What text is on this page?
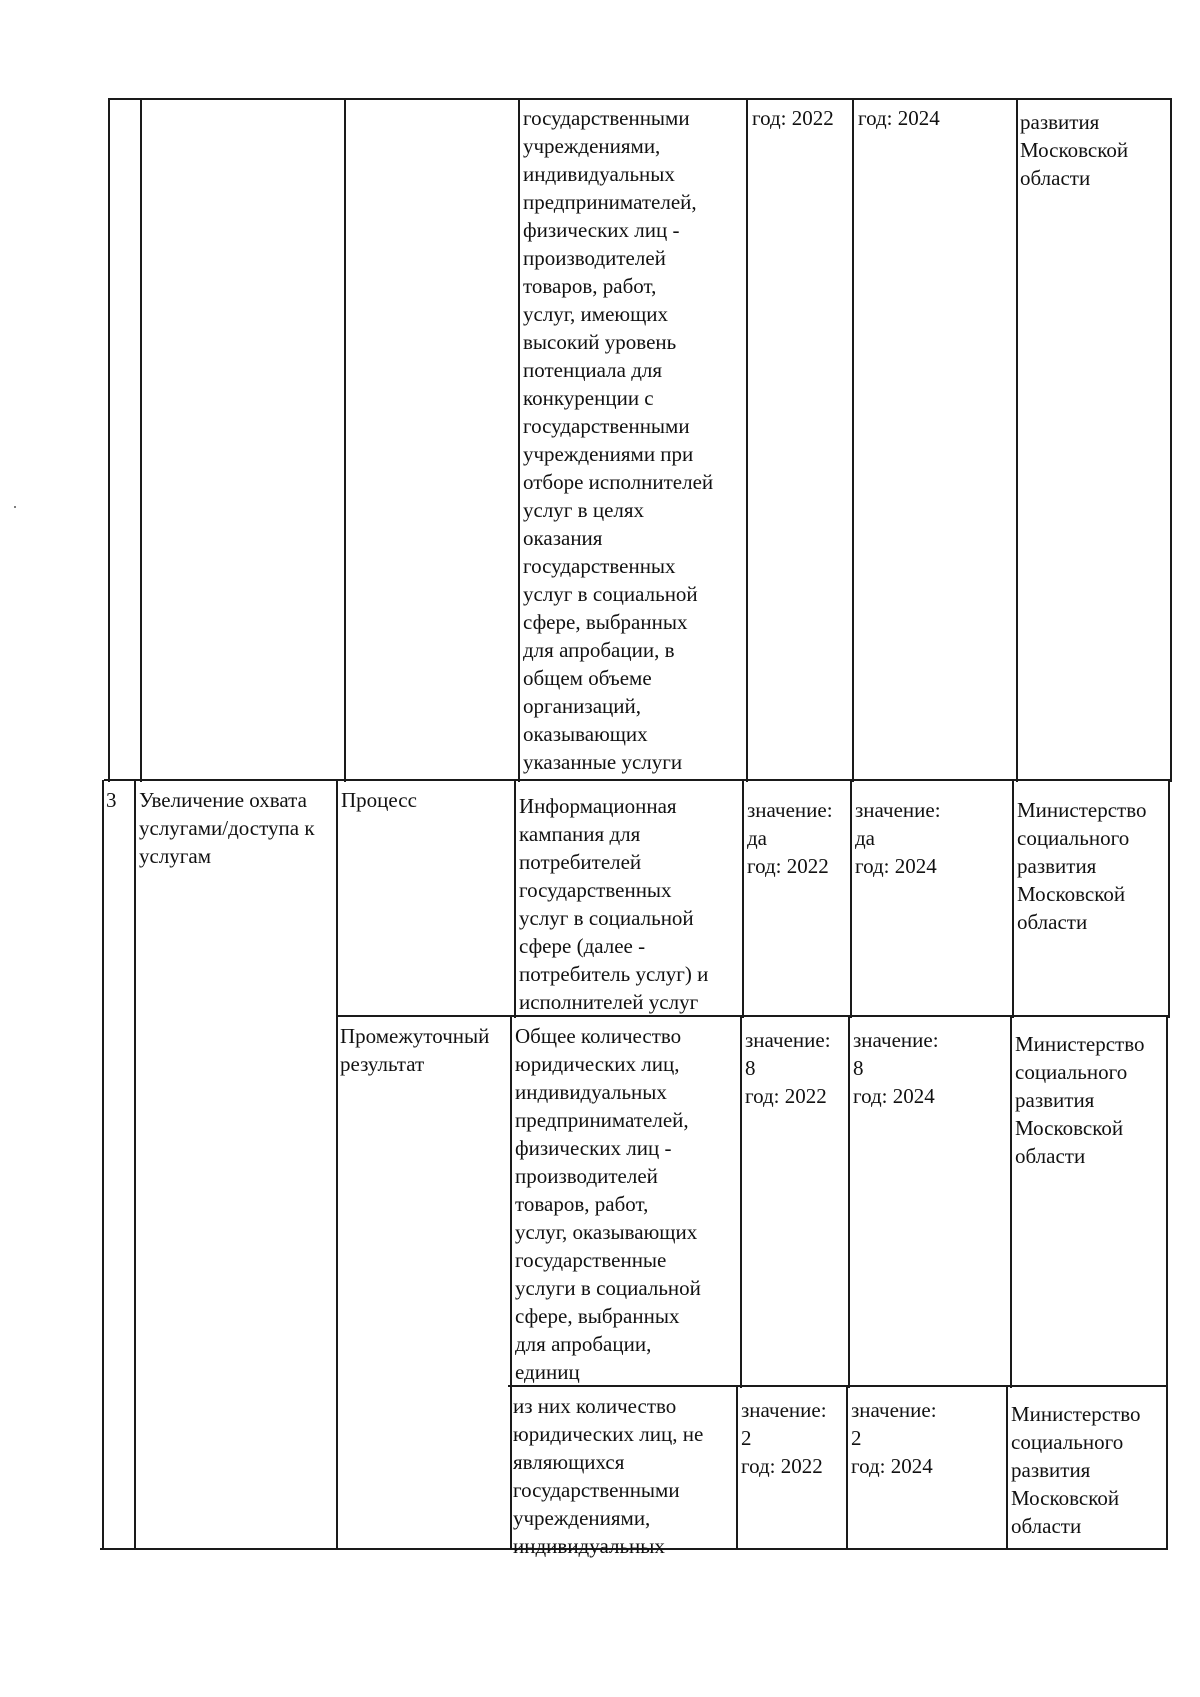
государственными
учреждениями,
индивидуальных
предпринимателей,
физических лиц -
производителей
товаров, работ,
услуг, имеющих
высокий уровень
потенциала для
конкуренции с
государственными
учреждениями при
отборе исполнителей
услуг в целях
оказания
государственных
услуг в социальной
сфере, выбранных
для апробации, в
общем объеме
организаций,
оказывающих
указанные услуги
год: 2022 год: 2024	развития
Московской
области
3 Увеличение охвата
услугами/доступа к
услугам
Процесс	Информационная
кампания для
потребителей
государственных
услуг в социальной
сфере (далее -
потребитель услуг) и
исполнителей услуг
значение:
да
год: 2022
значение:
да
год: 2024
Министерство
социального
развития
Московской
области
Промежуточный
результат
Общее количество
юридических лиц,
индивидуальных
предпринимателей,
физических лиц -
производителей
товаров, работ,
услуг, оказывающих
государственные
услуги в социальной
сфере, выбранных
для апробации,
единиц
значение:
8
год: 2022
значение:
8
год: 2024
Министерство
социального
развития
Московской
области
из них количество
юридических лиц, не
являющихся
государственными
учреждениями,
индивидуальных
значение:
2
год: 2022
значение:
2
год: 2024
Министерство
социального
развития
Московской
области
